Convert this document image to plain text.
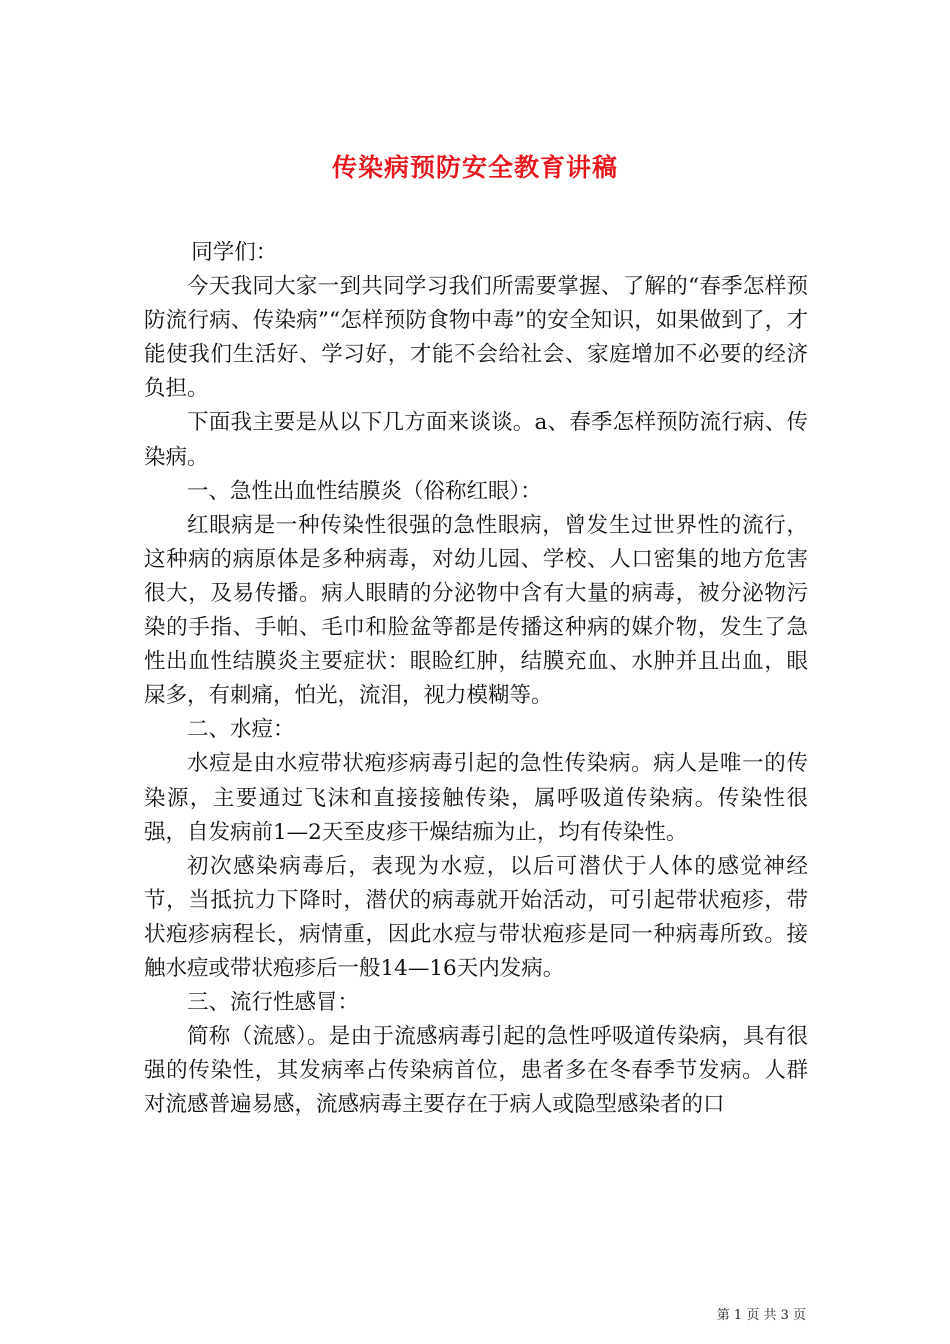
传染病预防安全教育讲稿

同学们：

今天我同大家一到共同学习我们所需要掌握、了解的“春季怎样预防流行病、传染病”“怎样预防食物中毒”的安全知识，如果做到了，才能使我们生活好、学习好，才能不会给社会、家庭增加不必要的经济负担。

下面我主要是从以下几方面来谈谈。a、春季怎样预防流行病、传染病。

一、急性出血性结膜炎（俗称红眼）：

红眼病是一种传染性很强的急性眼病，曾发生过世界性的流行，这种病的病原体是多种病毒，对幼儿园、学校、人口密集的地方危害很大，及易传播。病人眼睛的分泌物中含有大量的病毒，被分泌物污染的手指、手帕、毛巾和脸盆等都是传播这种病的媒介物，发生了急性出血性结膜炎主要症状：眼睑红肿，结膜充血、水肿并且出血，眼屎多，有刺痛，怕光，流泪，视力模糊等。

二、水痘：

水痘是由水痘带状疱疹病毒引起的急性传染病。病人是唯一的传染源，主要通过飞沫和直接接触传染，属呼吸道传染病。传染性很强，自发病前1—2天至皮疹干燥结痂为止，均有传染性。

初次感染病毒后，表现为水痘，以后可潜伏于人体的感觉神经节，当抵抗力下降时，潜伏的病毒就开始活动，可引起带状疱疹，带状疱疹病程长，病情重，因此水痘与带状疱疹是同一种病毒所致。接触水痘或带状疱疹后一般14—16天内发病。

三、流行性感冒：

简称（流感）。是由于流感病毒引起的急性呼吸道传染病，具有很强的传染性，其发病率占传染病首位，患者多在冬春季节发病。人群对流感普遍易感，流感病毒主要存在于病人或隐型感染者的口

第 1 页 共 3 页
